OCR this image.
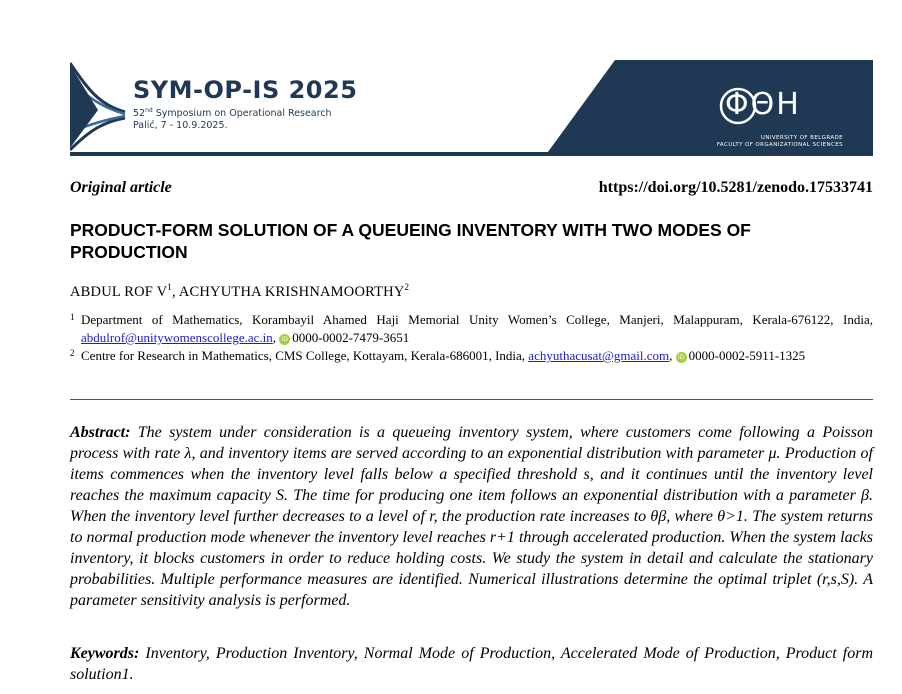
SYM-OP-IS 2025
52nd Symposium on Operational Research
Palić, 7 - 10.9.2025.
ΦΘH
UNIVERSITY OF BELGRADE
FACULTY OF ORGANIZATIONAL SCIENCES
Original article	https://doi.org/10.5281/zenodo.17533741
PRODUCT-FORM SOLUTION OF A QUEUEING INVENTORY WITH TWO MODES OF PRODUCTION
ABDUL ROF $V^1$, ACHYUTHA KRISHNAMOORTHY$^2$
1 Department of Mathematics, Korambayil Ahamed Haji Memorial Unity Women’s College, Manjeri, Malappuram, Kerala-676122, India, abdulrof@unitywomenscollege.ac.in, iD 0000-0002-7479-3651
2 Centre for Research in Mathematics, CMS College, Kottayam, Kerala-686001, India, achyuthacusat@gmail.com, iD 0000-0002-5911-1325
Abstract: The system under consideration is a queueing inventory system, where customers come following a Poisson process with rate λ, and inventory items are served according to an exponential distribution with parameter μ. Production of items commences when the inventory level falls below a specified threshold s, and it continues until the inventory level reaches the maximum capacity S. The time for producing one item follows an exponential distribution with a parameter β. When the inventory level further decreases to a level of r, the production rate increases to θβ, where θ>1. The system returns to normal production mode whenever the inventory level reaches r+1 through accelerated production. When the system lacks inventory, it blocks customers in order to reduce holding costs. We study the system in detail and calculate the stationary probabilities. Multiple performance measures are identified. Numerical illustrations determine the optimal triplet (r,s,S). A parameter sensitivity analysis is performed.
Keywords: Inventory, Production Inventory, Normal Mode of Production, Accelerated Mode of Production, Product form solution1.
